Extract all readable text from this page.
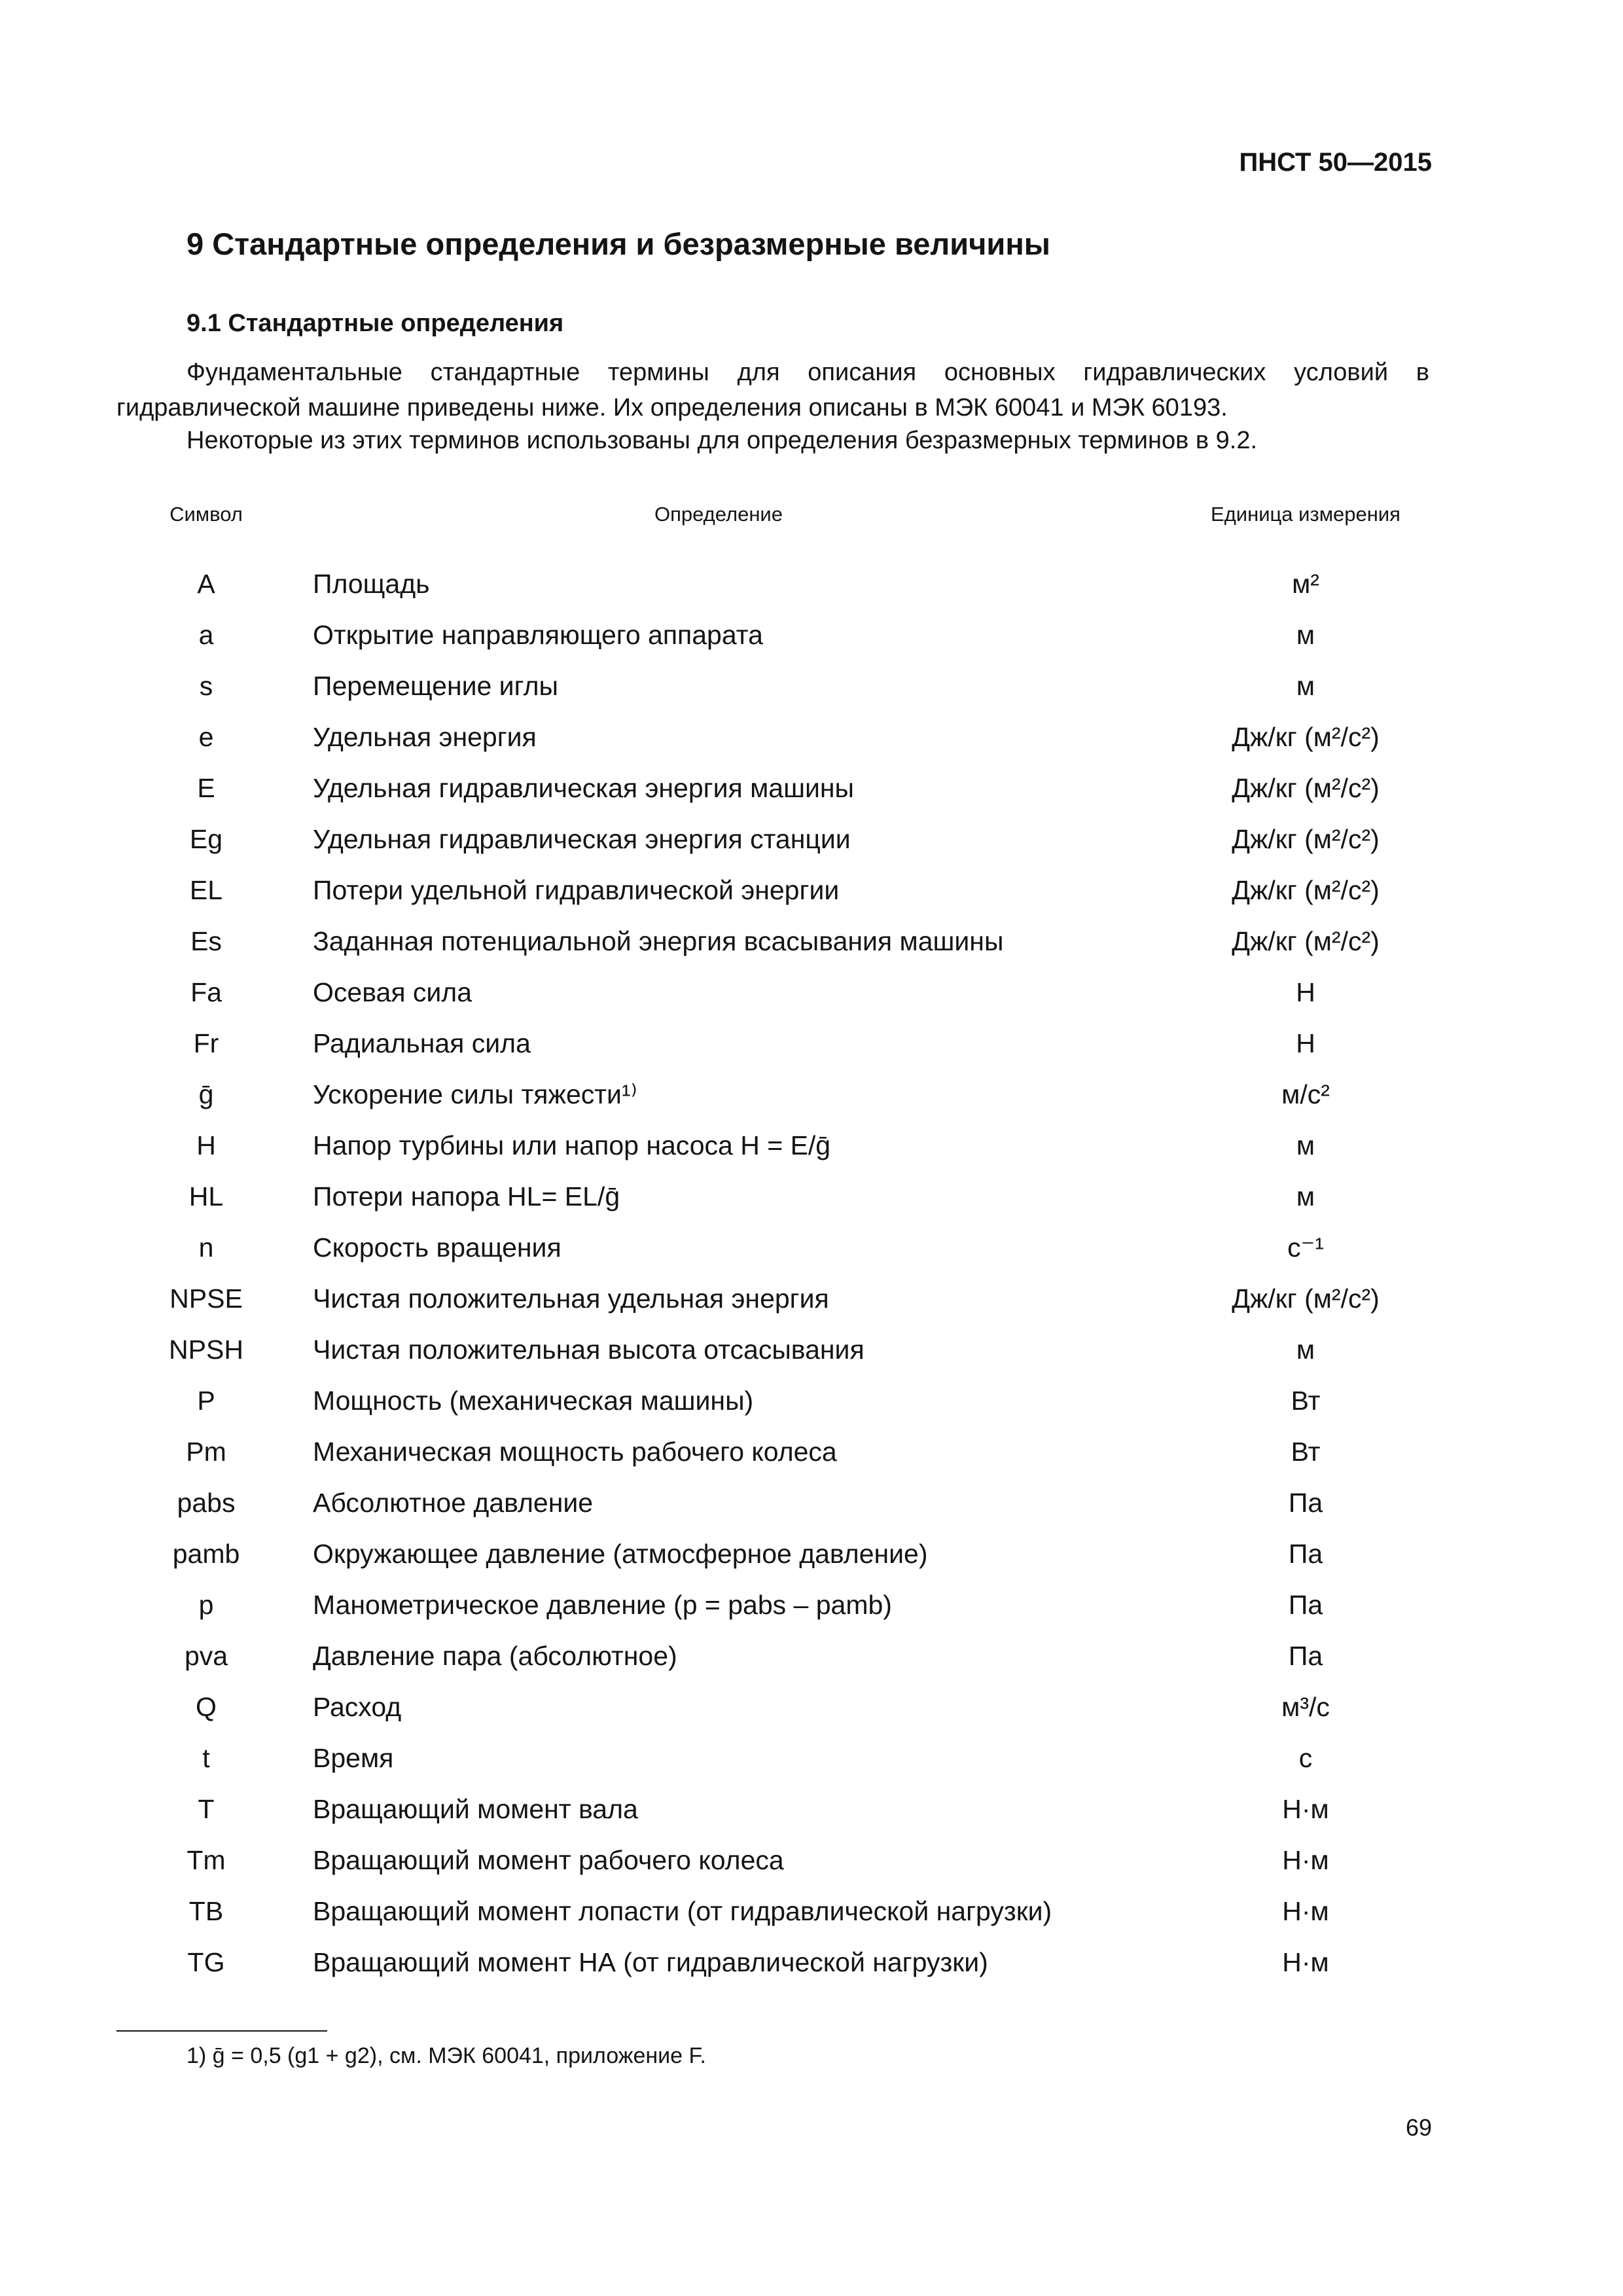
ПНСТ 50—2015
9 Стандартные определения и безразмерные величины
9.1 Стандартные определения
Фундаментальные стандартные термины для описания основных гидравлических условий в гидравлической машине приведены ниже. Их определения описаны в МЭК 60041 и МЭК 60193.
Некоторые из этих терминов использованы для определения безразмерных терминов в 9.2.
Символ	Определение	Единица измерения
A	Площадь	м²
a	Открытие направляющего аппарата	м
s	Перемещение иглы	м
e	Удельная энергия	Дж/кг (м²/с²)
E	Удельная гидравлическая энергия машины	Дж/кг (м²/с²)
Eg	Удельная гидравлическая энергия станции	Дж/кг (м²/с²)
EL	Потери удельной гидравлической энергии	Дж/кг (м²/с²)
Es	Заданная потенциальной энергия всасывания машины	Дж/кг (м²/с²)
Fa	Осевая сила	Н
Fr	Радиальная сила	Н
ḡ	Ускорение силы тяжести¹⁾	м/с²
H	Напор турбины или напор насоса H = E/ḡ	м
HL	Потери напора HL= EL/ḡ	м
n	Скорость вращения	с⁻¹
NPSE	Чистая положительная удельная энергия	Дж/кг (м²/с²)
NPSH	Чистая положительная высота отсасывания	м
P	Мощность (механическая машины)	Вт
Pm	Механическая мощность рабочего колеса	Вт
pabs	Абсолютное давление	Па
pamb	Окружающее давление (атмосферное давление)	Па
p	Манометрическое давление (p = pabs – pamb)	Па
pva	Давление пара (абсолютное)	Па
Q	Расход	м³/с
t	Время	с
T	Вращающий момент вала	Н·м
Tm	Вращающий момент рабочего колеса	Н·м
TB	Вращающий момент лопасти (от гидравлической нагрузки)	Н·м
TG	Вращающий момент НА (от гидравлической нагрузки)	Н·м
1) ḡ = 0,5 (g1 + g2), см. МЭК 60041, приложение F.
69
